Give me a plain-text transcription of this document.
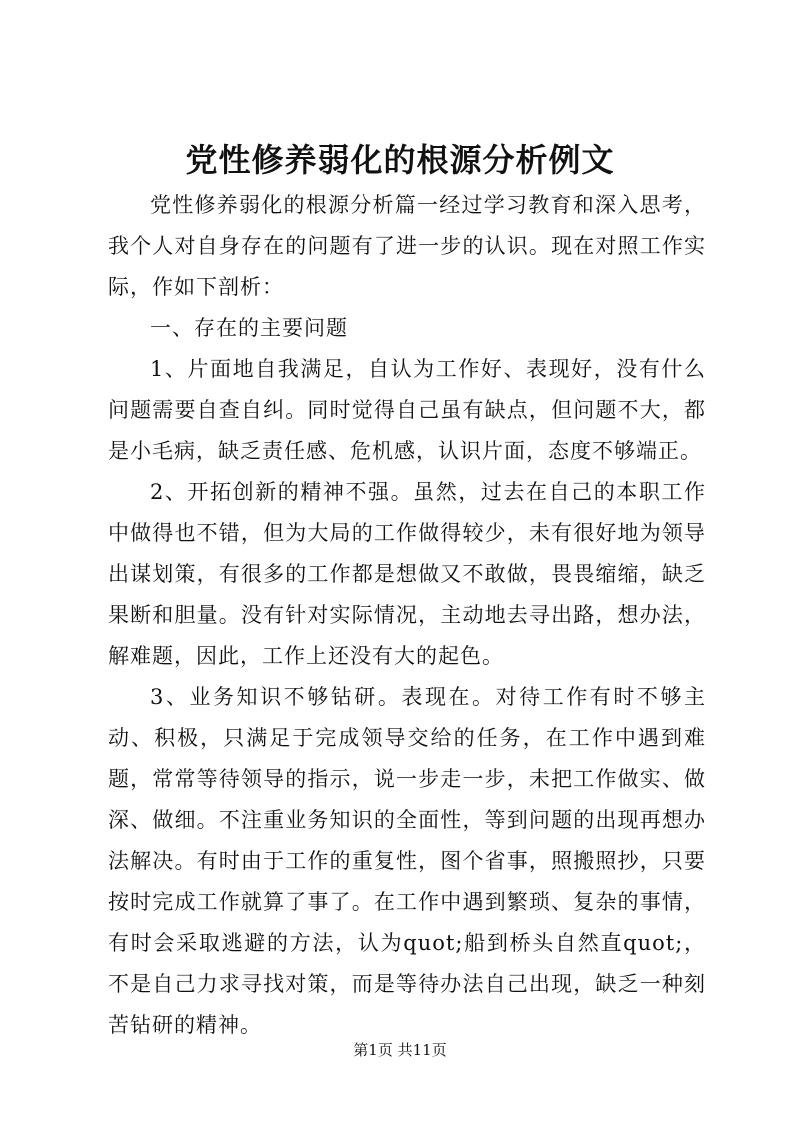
党性修养弱化的根源分析例文

党性修养弱化的根源分析篇一经过学习教育和深入思考，我个人对自身存在的问题有了进一步的认识。现在对照工作实际，作如下剖析：

一、存在的主要问题

1、片面地自我满足，自认为工作好、表现好，没有什么问题需要自查自纠。同时觉得自己虽有缺点，但问题不大，都是小毛病，缺乏责任感、危机感，认识片面，态度不够端正。

2、开拓创新的精神不强。虽然，过去在自己的本职工作中做得也不错，但为大局的工作做得较少，未有很好地为领导出谋划策，有很多的工作都是想做又不敢做，畏畏缩缩，缺乏果断和胆量。没有针对实际情况，主动地去寻出路，想办法，解难题，因此，工作上还没有大的起色。

3、业务知识不够钻研。表现在。对待工作有时不够主动、积极，只满足于完成领导交给的任务，在工作中遇到难题，常常等待领导的指示，说一步走一步，未把工作做实、做深、做细。不注重业务知识的全面性，等到问题的出现再想办法解决。有时由于工作的重复性，图个省事，照搬照抄，只要按时完成工作就算了事了。在工作中遇到繁琐、复杂的事情，有时会采取逃避的方法，认为quot;船到桥头自然直quot;，不是自己力求寻找对策，而是等待办法自己出现，缺乏一种刻苦钻研的精神。

第1页 共11页
